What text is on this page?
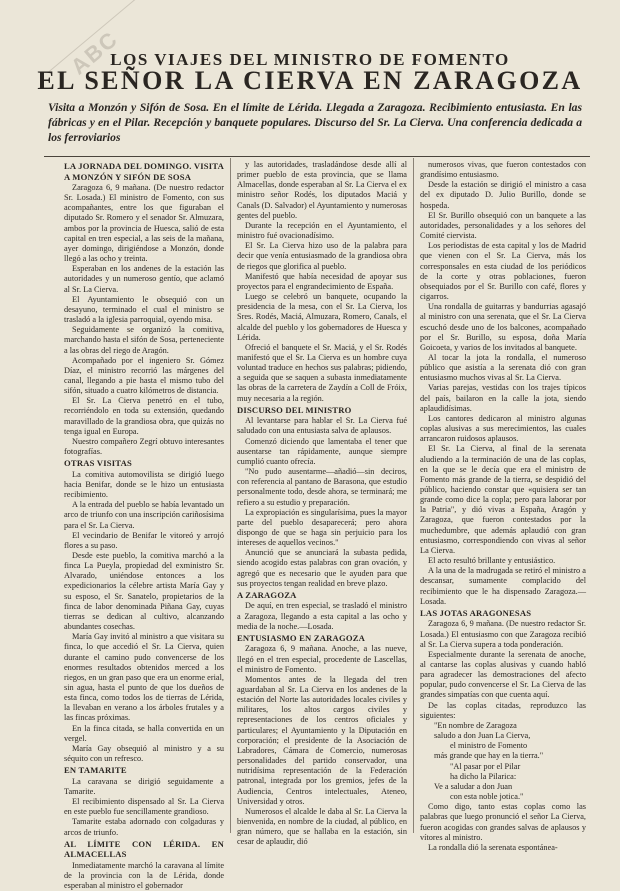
ABC
LOS VIAJES DEL MINISTRO DE FOMENTO
EL SEÑOR LA CIERVA EN ZARAGOZA
Visita a Monzón y Sifón de Sosa. En el límite de Lérida. Llegada a Zaragoza. Recibimiento entusiasta. En las fábricas y en el Pilar. Recepción y banquete populares. Discurso del Sr. La Cierva. Una conferencia dedicada a los ferroviarios
LA JORNADA DEL DOMINGO. VISITA A MONZÓN Y SIFÓN DE SOSA

Zaragoza 6, 9 mañana. (De nuestro redactor Sr. Losada.) El ministro de Fomento, con sus acompañantes, entre los que figuraban el diputado Sr. Romero y el senador Sr. Almuzara, ambos por la provincia de Huesca, salió de esta capital en tren especial, a las seis de la mañana, ayer domingo, dirigiéndose a Monzón, donde llegó a las ocho y treinta.

Esperaban en los andenes de la estación las autoridades y un numeroso gentío, que aclamó al Sr. La Cierva.

El Ayuntamiento le obsequió con un desayuno, terminado el cual el ministro se trasladó a la iglesia parroquial, oyendo misa.

Seguidamente se organizó la comitiva, marchando hasta el sifón de Sosa, perteneciente a las obras del riego de Aragón.

Acompañado por el ingeniero Sr. Gómez Díaz, el ministro recorrió las márgenes del canal, llegando a pie hasta el mismo tubo del sifón, situado a cuatro kilómetros de distancia.

El Sr. La Cierva penetró en el tubo, recorriéndolo en toda su extensión, quedando maravillado de la grandiosa obra, que quizás no tenga igual en Europa.

Nuestro compañero Zegrí obtuvo interesantes fotografías.

OTRAS VISITAS

La comitiva automovilista se dirigió luego hacia Benifar, donde se le hizo un entusiasta recibimiento.

A la entrada del pueblo se había levantado un arco de triunfo con una inscripción cariñosísima para el Sr. La Cierva.

El vecindario de Benifar le vitoreó y arrojó flores a su paso.

Desde este pueblo, la comitiva marchó a la finca La Pueyla, propiedad del exministro Sr. Alvarado, uniéndose entonces a los expedicionarios la célebre artista María Gay y su esposo, el Sr. Sanatelo, propietarios de la finca de labor denominada Piñana Gay, cuyas tierras se dedican al cultivo, alcanzando abundantes cosechas.

María Gay invitó al ministro a que visitara su finca, lo que accedió el Sr. La Cierva, quien durante el camino pudo convencerse de los enormes resultados obtenidos merced a los riegos, en un gran paso que era un enorme erial, sin agua, hasta el punto de que los dueños de esta finca, como todos los de tierras de Lérida, la llevaban en verano a los árboles frutales y a las fincas próximas.

En la finca citada, se halla convertida en un vergel.

María Gay obsequió al ministro y a su séquito con un refresco.

EN TAMARITE

La caravana se dirigió seguidamente a Tamarite.

El recibimiento dispensado al Sr. La Cierva en este pueblo fue sencillamente grandioso.

Tamarite estaba adornado con colgaduras y arcos de triunfo.

AL LÍMITE CON LÉRIDA. EN ALMACELLAS

Inmediatamente marchó la caravana al límite de la provincia con la de Lérida, donde esperaban al ministro el gobernador

y las autoridades, trasladándose desde allí al primer pueblo de esta provincia, que se llama Almacellas, donde esperaban al Sr. La Cierva el ex ministro señor Rodés, los diputados Maciá y Canals (D. Salvador) el Ayuntamiento y numerosas gentes del pueblo.

Durante la recepción en el Ayuntamiento, el ministro fué ovacionadísimo.

El Sr. La Cierva hizo uso de la palabra para decir que venía entusiasmado de la grandiosa obra de riegos que glorifica al pueblo.

Manifestó que había necesidad de apoyar sus proyectos para el engrandecimiento de España.

Luego se celebró un banquete, ocupando la presidencia de la mesa, con el Sr. La Cierva, los Sres. Rodés, Maciá, Almuzara, Romero, Canals, el alcalde del pueblo y los gobernadores de Huesca y Lérida.

Ofreció el banquete el Sr. Maciá, y el Sr. Rodés manifestó que el Sr. La Cierva es un hombre cuya voluntad traduce en hechos sus palabras; pidiendo, a seguida que se saquen a subasta inmediatamente las obras de la carretera de Zaydín a Coll de Fróix, muy necesaria a la región.

DISCURSO DEL MINISTRO

Al levantarse para hablar el Sr. La Cierva fué saludado con una entusiasta salva de aplausos.

Comenzó diciendo que lamentaba el tener que ausentarse tan rápidamente, aunque siempre cumplió cuanto ofrecía.

"No pudo ausentarme—añadió—sin deciros, con referencia al pantano de Barasona, que estudio personalmente todo, desde ahora, se terminará; me refiero a su estudio y preparación.

La expropiación es singularísima, pues la mayor parte del pueblo desaparecerá; pero ahora dispongo de que se haga sin perjuicio para los intereses de aquellos vecinos."

Anunció que se anunciará la subasta pedida, siendo acogido estas palabras con gran ovación, y agregó que es necesario que le ayuden para que sus proyectos tengan realidad en breve plazo.

A ZARAGOZA

De aquí, en tren especial, se trasladó el ministro a Zaragoza, llegando a esta capital a las ocho y media de la noche.—Losada.

ENTUSIASMO EN ZARAGOZA

Zaragoza 6, 9 mañana. Anoche, a las nueve, llegó en el tren especial, procedente de Lascellas, el ministro de Fomento.

Momentos antes de la llegada del tren aguardaban al Sr. La Cierva en los andenes de la estación del Norte las autoridades locales civiles y militares, los altos cargos civiles y representaciones de los centros oficiales y particulares; el Ayuntamiento y la Diputación en corporación; el presidente de la Asociación de Labradores, Cámara de Comercio, numerosas personalidades del partido conservador, una nutridísima representación de la Federación patronal, integrada por los gremios, jefes de la Audiencia, Centros intelectuales, Ateneo, Universidad y otros.

Numerosos el alcalde le daba al Sr. La Cierva la bienvenida, en nombre de la ciudad, al público, en gran número, que se hallaba en la estación, sin cesar de aplaudir, dió

numerosos vivas, que fueron contestados con grandísimo entusiasmo.

Desde la estación se dirigió el ministro a casa del ex diputado D. Julio Burillo, donde se hospeda.

El Sr. Burillo obsequió con un banquete a las autoridades, personalidades y a los señores del Comité ciervista.

Los periodistas de esta capital y los de Madrid que vienen con el Sr. La Cierva, más los corresponsales en esta ciudad de los periódicos de la corte y otras poblaciones, fueron obsequiados por el Sr. Burillo con café, flores y cigarros.

Una rondalla de guitarras y bandurrias agasajó al ministro con una serenata, que el Sr. La Cierva escuchó desde uno de los balcones, acompañado por el Sr. Burillo, su esposa, doña María Goicoeta, y varios de los invitados al banquete.

Al tocar la jota la rondalla, el numeroso público que asistía a la serenata dió con gran entusiasmo muchos vivas al Sr. La Cierva.

Varias parejas, vestidas con los trajes típicos del país, bailaron en la calle la jota, siendo aplaudidísimas.

Los cantores dedicaron al ministro algunas coplas alusivas a sus merecimientos, las cuales arrancaron ruidosos aplausos.

El Sr. La Cierva, al final de la serenata aludiendo a la terminación de una de las coplas, en la que se le decía que era el ministro de Fomento más grande de la tierra, se despidió del público, haciendo constar que «quisiera ser tan grande como dice la copla; pero para laborar por la Patria", y dió vivas a España, Aragón y Zaragoza, que fueron contestados por la muchedumbre, que además aplaudió con gran entusiasmo, correspondiendo con vivas al señor La Cierva.

El acto resultó brillante y entusiástico.

A la una de la madrugada se retiró el ministro a descansar, sumamente complacido del recibimiento que le ha dispensado Zaragoza.—Losada.

LAS JOTAS ARAGONESAS

Zaragoza 6, 9 mañana. (De nuestro redactor Sr. Losada.) El entusiasmo con que Zaragoza recibió al Sr. La Cierva supera a toda ponderación.

Especialmente durante la serenata de anoche, al cantarse las coplas alusivas y cuando habló para agradecer las demostraciones del afecto popular, pudo convencerse el Sr. La Cierva de las grandes simpatías con que cuenta aquí.

De las coplas citadas, reproduzco las siguientes:

"En nombre de Zaragoza

saludo a don Juan La Cierva,

el ministro de Fomento

más grande que hay en la tierra."

"Al pasar por el Pilar

ha dicho la Pilarica:

Ve a saludar a don Juan

con esta noble jotica."

Como digo, tanto estas coplas como las palabras que luego pronunció el señor La Cierva, fueron acogidas con grandes salvas de aplausos y vítores al ministro.

La rondalla dió la serenata espontánea-
